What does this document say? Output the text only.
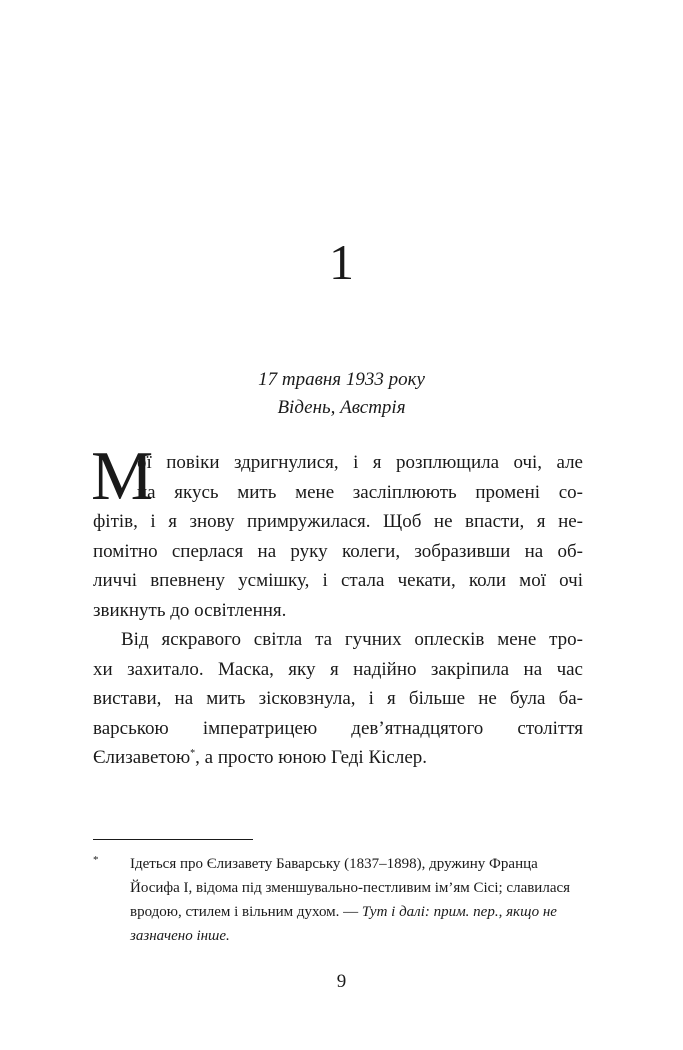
1
17 травня 1933 року
Відень, Австрія
М
ої повіки здригнулися, і я розплющила очі, але
на якусь мить мене засліплюють промені со-
фітів, і я знову примружилася. Щоб не впасти, я не-
помітно сперлася на руку колеги, зобразивши на об-
личчі впевнену усмішку, і стала чекати, коли мої очі
звикнуть до освітлення.
Від яскравого світла та гучних оплесків мене тро-
хи захитало. Маска, яку я надійно закріпила на час
вистави, на мить зісковзнула, і я більше не була ба-
варською імператрицею дев’ятнадцятого століття
Єлизаветою*, а просто юною Геді Кіслер.
* Ідеться про Єлизавету Баварську (1837–1898), дружину Франца Йосифа І, відома під зменшувально-пестливим ім’ям Сісі; славилася вродою, стилем і вільним духом. — Тут і далі: прим. пер., якщо не зазначено інше.
9
